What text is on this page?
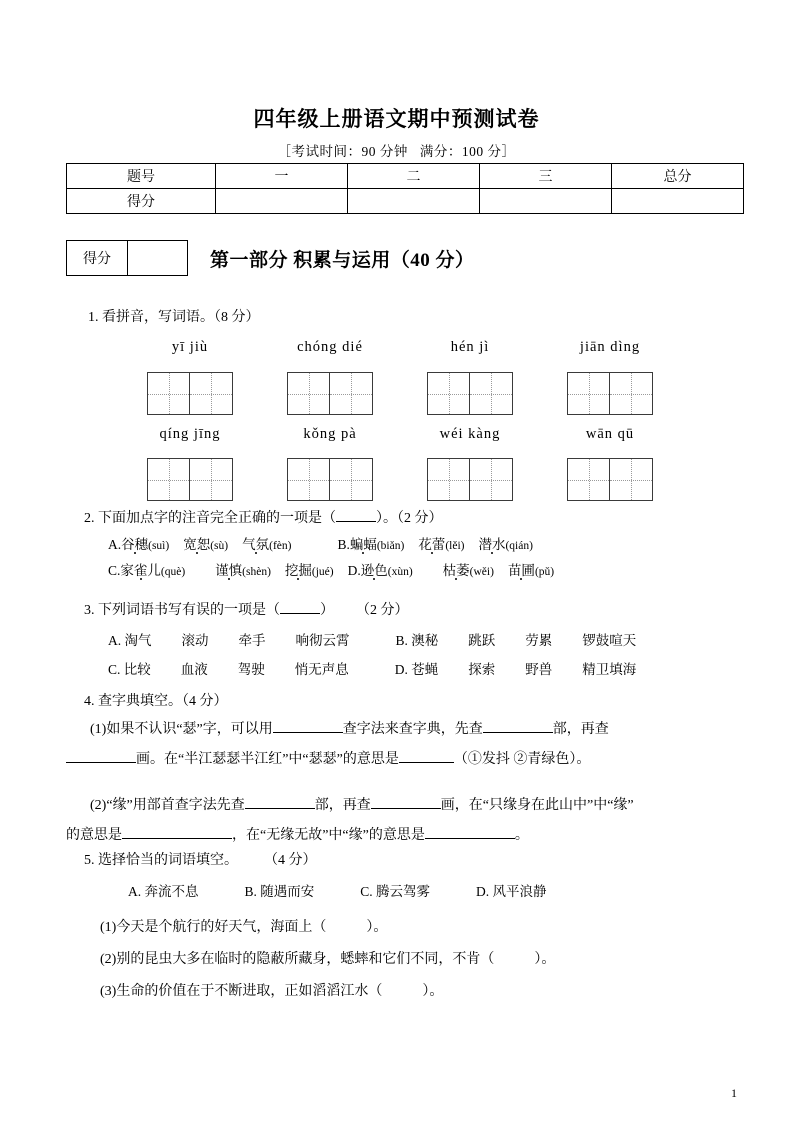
四年级上册语文期中预测试卷
［考试时间：90 分钟 满分：100 分］
题号	一	二	三	总分
得分				
得分	第一部分 积累与运用（40 分）
1. 看拼音，写词语。（8 分）
yī jiù	chóng dié	hén jì	jiān dìng
qíng jīng	kǒng pà	wéi kàng	wān qū
2. 下面加点字的注音完全正确的一项是（	）。（2 分）
A.谷穗(suì) 宽恕(sù) 气氛(fèn)	B.蝙蝠(biǎn) 花蕾(lěi) 潜水(qián)
C.家雀儿(què) 谨慎(shèn) 挖掘(jué) D.逊色(xùn) 枯萎(wěi) 苗圃(pǔ)
3. 下列词语书写有误的一项是（	） （2 分）
A. 淘气 滚动 牵手 响彻云霄	B. 澳秘 跳跃 劳累 锣鼓喧天
C. 比较 血液 驾驶 悄无声息	D. 苍蝇 探索 野兽 精卫填海
4. 查字典填空。（4 分）
(1)如果不认识“瑟”字，可以用	查字法来查字典，先查	部，再查
画。在“半江瑟瑟半江红”中“瑟瑟”的意思是	（①发抖 ②青绿色）。
(2)“缘”用部首查字法先查	部，再查	画，在“只缘身在此山中”中“缘”
的意思是	，在“无缘无故”中“缘”的意思是	。
5. 选择恰当的词语填空。 （4 分）
A. 奔流不息	B. 随遇而安	C. 腾云驾雾	D. 风平浪静
(1)今天是个航行的好天气，海面上（	）。
(2)别的昆虫大多在临时的隐蔽所藏身，蟋蟀和它们不同，不肯（	）。
(3)生命的价值在于不断进取，正如滔滔江水（	）。
1
